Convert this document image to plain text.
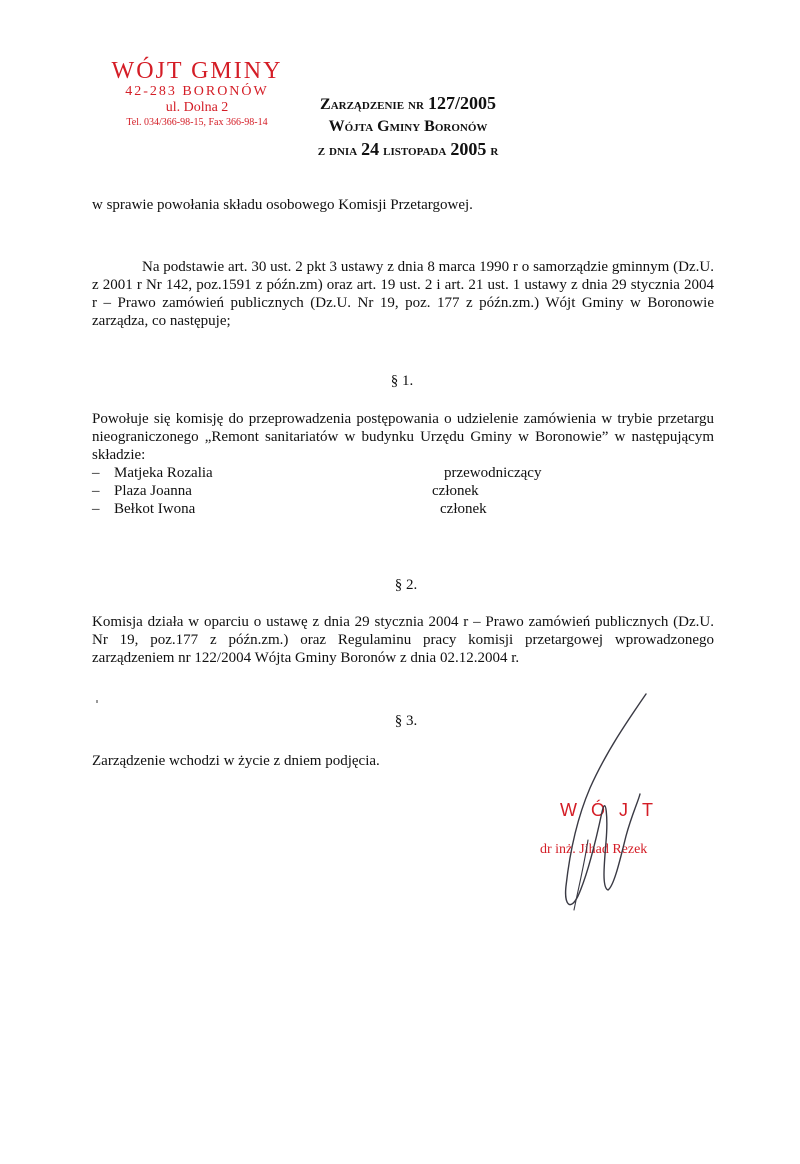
WÓJT GMINY
42-283 BORONÓW
ul. Dolna 2
Tel. 034/366-98-15, Fax 366-98-14
Zarządzenie nr 127/2005
Wójta Gminy Boronów
z dnia 24 listopada 2005 r
w sprawie powołania składu osobowego Komisji Przetargowej.
Na podstawie art. 30 ust. 2 pkt 3 ustawy z dnia 8 marca 1990 r o samorządzie gminnym (Dz.U. z 2001 r Nr 142, poz.1591 z późn.zm) oraz art. 19 ust. 2 i art. 21 ust. 1 ustawy z dnia 29 stycznia 2004 r – Prawo zamówień publicznych (Dz.U. Nr 19, poz. 177 z późn.zm.) Wójt Gminy w Boronowie zarządza, co następuje;
§ 1.
Powołuje się komisję do przeprowadzenia postępowania o udzielenie zamówienia w trybie przetargu nieograniczonego „Remont sanitariatów w budynku Urzędu Gminy w Boronowie” w następującym składzie:
– Matjeka Rozalia	przewodniczący
– Plaza Joanna	członek
– Bełkot Iwona	członek
§ 2.
Komisja działa w oparciu o ustawę z dnia 29 stycznia 2004 r – Prawo zamówień publicznych (Dz.U. Nr 19, poz.177 z późn.zm.) oraz Regulaminu pracy komisji przetargowej wprowadzonego zarządzeniem nr 122/2004 Wójta Gminy Boronów z dnia 02.12.2004 r.
§ 3.
Zarządzenie wchodzi w życie z dniem podjęcia.
WÓJT
dr inż. Jihad Rezek
